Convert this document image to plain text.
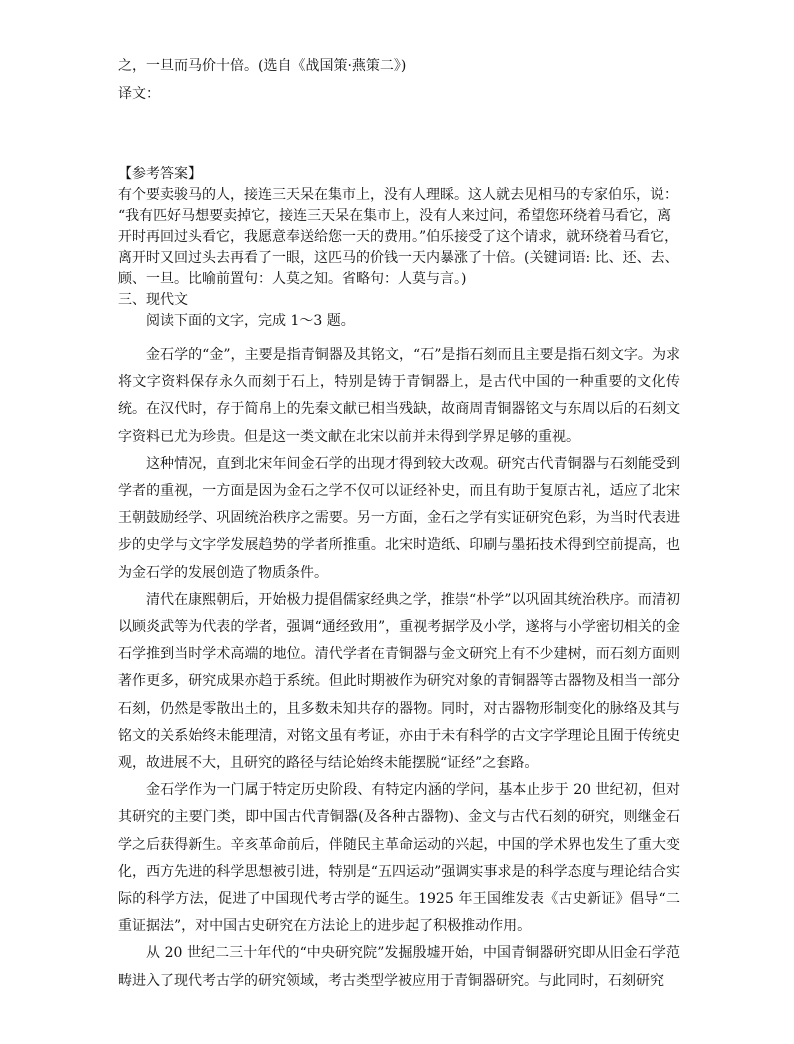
之，一旦而马价十倍。(选自《战国策·燕策二》)

译文：

【参考答案】

有个要卖骏马的人，接连三天呆在集市上，没有人理睬。这人就去见相马的专家伯乐，说：

“我有匹好马想要卖掉它，接连三天呆在集市上，没有人来过问，希望您环绕着马看它，离

开时再回过头看它，我愿意奉送给您一天的费用。”伯乐接受了这个请求，就环绕着马看它，

离开时又回过头去再看了一眼，这匹马的价钱一天内暴涨了十倍。(关键词语: 比、还、去、

顾、一旦。比喻前置句：人莫之知。省略句：人莫与言。)

三、现代文

阅读下面的文字，完成 1～3 题。

金石学的“金”，主要是指青铜器及其铭文，“石”是指石刻而且主要是指石刻文字。为求将文字资料保存永久而刻于石上，特别是铸于青铜器上，是古代中国的一种重要的文化传统。在汉代时，存于简帛上的先秦文献已相当残缺，故商周青铜器铭文与东周以后的石刻文字资料已尤为珍贵。但是这一类文献在北宋以前并未得到学界足够的重视。

这种情况，直到北宋年间金石学的出现才得到较大改观。研究古代青铜器与石刻能受到学者的重视，一方面是因为金石之学不仅可以证经补史，而且有助于复原古礼，适应了北宋王朝鼓励经学、巩固统治秩序之需要。另一方面，金石之学有实证研究色彩，为当时代表进步的史学与文字学发展趋势的学者所推重。北宋时造纸、印刷与墨拓技术得到空前提高，也为金石学的发展创造了物质条件。

清代在康熙朝后，开始极力提倡儒家经典之学，推崇“朴学”以巩固其统治秩序。而清初以顾炎武等为代表的学者，强调“通经致用”，重视考据学及小学，遂将与小学密切相关的金石学推到当时学术高端的地位。清代学者在青铜器与金文研究上有不少建树，而石刻方面则著作更多，研究成果亦趋于系统。但此时期被作为研究对象的青铜器等古器物及相当一部分石刻，仍然是零散出土的，且多数未知共存的器物。同时，对古器物形制变化的脉络及其与铭文的关系始终未能理清，对铭文虽有考证，亦由于未有科学的古文字学理论且囿于传统史观，故进展不大，且研究的路径与结论始终未能摆脱“证经”之套路。

金石学作为一门属于特定历史阶段、有特定内涵的学问，基本止步于 20 世纪初，但对其研究的主要门类，即中国古代青铜器(及各种古器物)、金文与古代石刻的研究，则继金石学之后获得新生。辛亥革命前后，伴随民主革命运动的兴起，中国的学术界也发生了重大变化，西方先进的科学思想被引进，特别是“五四运动”强调实事求是的科学态度与理论结合实际的科学方法，促进了中国现代考古学的诞生。1925 年王国维发表《古史新证》倡导“二重证据法”，对中国古史研究在方法论上的进步起了积极推动作用。

从 20 世纪二三十年代的“中央研究院”发掘殷墟开始，中国青铜器研究即从旧金石学范畴进入了现代考古学的研究领域，考古类型学被应用于青铜器研究。与此同时，石刻研究
